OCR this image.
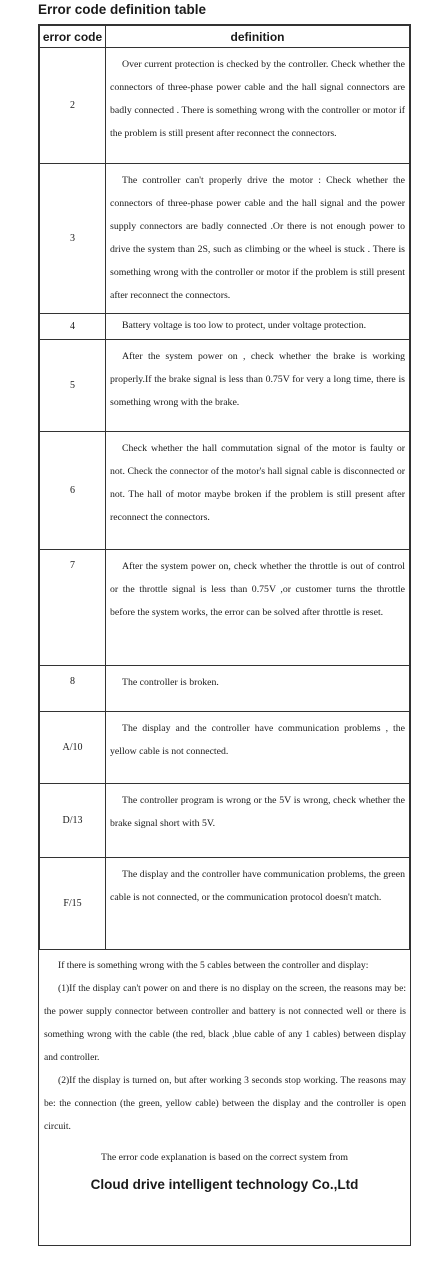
Error code definition table
error code	definition
2	Over current protection is checked by the controller. Check whether the connectors of three-phase power cable and the hall signal connectors are badly connected . There is something wrong with the controller or motor if the problem is still present after reconnect the connectors.

3	The controller can't properly drive the motor : Check whether the connectors of three-phase power cable and the hall signal and the power supply connectors are badly connected .Or there is not enough power to drive the system than 2S, such as climbing or the wheel is stuck . There is something wrong with the controller or motor if the problem is still present after reconnect the connectors.

4	Battery voltage is too low to protect, under voltage protection.

5	After the system power on , check whether the brake is working properly.If the brake signal is less than 0.75V for very a long time, there is something wrong with the brake.

6	Check whether the hall commutation signal of the motor is faulty or not. Check the connector of the motor's hall signal cable is disconnected or not. The hall of motor maybe broken if the problem is still present after reconnect the connectors.

7	After the system power on, check whether the throttle is out of control or the throttle signal is less than 0.75V ,or customer turns the throttle before the system works, the error can be solved after throttle is reset.

8	The controller is broken.

A/10	The display and the controller have communication problems , the yellow cable is not connected.

D/13	The controller program is wrong or the 5V is wrong, check whether the brake signal short with 5V.

F/15	The display and the controller have communication problems, the green cable is not connected, or the communication protocol doesn't match.

If there is something wrong with the 5 cables between the controller and display:

(1)If the display can't power on and there is no display on the screen, the reasons may be: the power supply connector between controller and battery is not connected well or there is something wrong with the cable (the red, black ,blue cable of any 1 cables) between display and controller.

(2)If the display is turned on, but after working 3 seconds stop working. The reasons may be: the connection (the green, yellow cable) between the display and the controller is open circuit.

The error code explanation is based on the correct system from
Cloud drive intelligent technology Co.,Ltd
